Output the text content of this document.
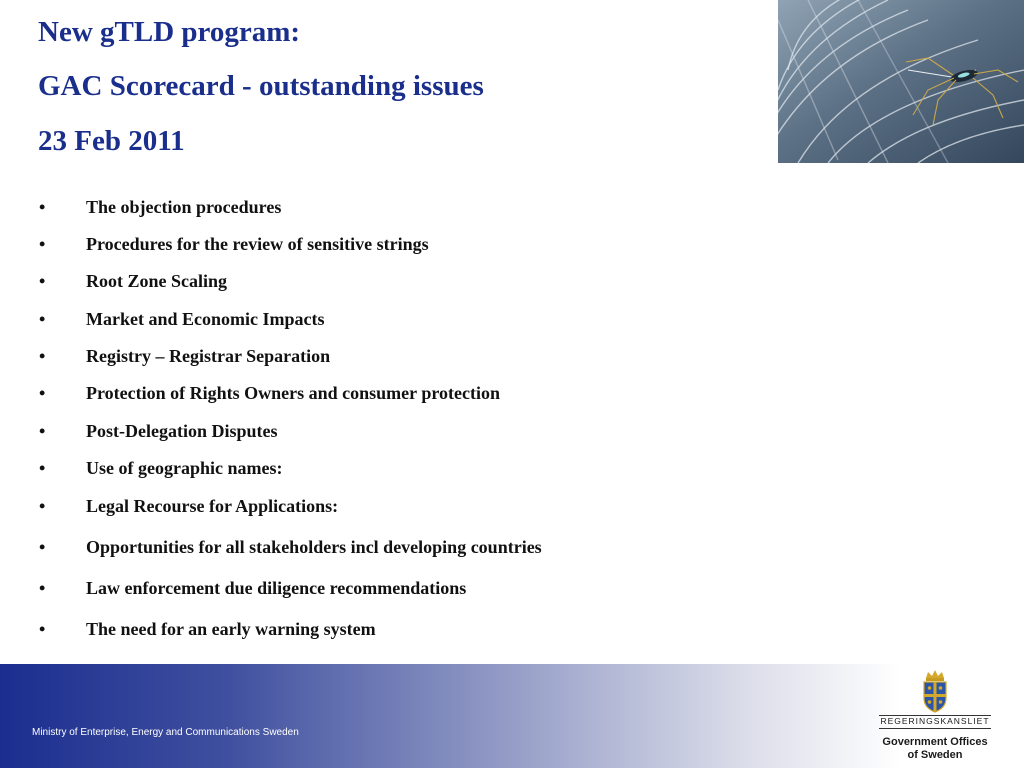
New gTLD program:
GAC Scorecard - outstanding issues
23 Feb 2011
• The objection procedures
• Procedures for the review of sensitive strings
• Root Zone Scaling
• Market and Economic Impacts
• Registry – Registrar Separation
• Protection of Rights Owners and consumer protection
• Post-Delegation Disputes
• Use of geographic names:
• Legal Recourse for Applications:
• Opportunities for all stakeholders incl developing countries
• Law enforcement due diligence recommendations
• The need for an early warning system
Ministry of Enterprise, Energy and Communications Sweden
REGERINGSKANSLIET
Government Offices
of Sweden
